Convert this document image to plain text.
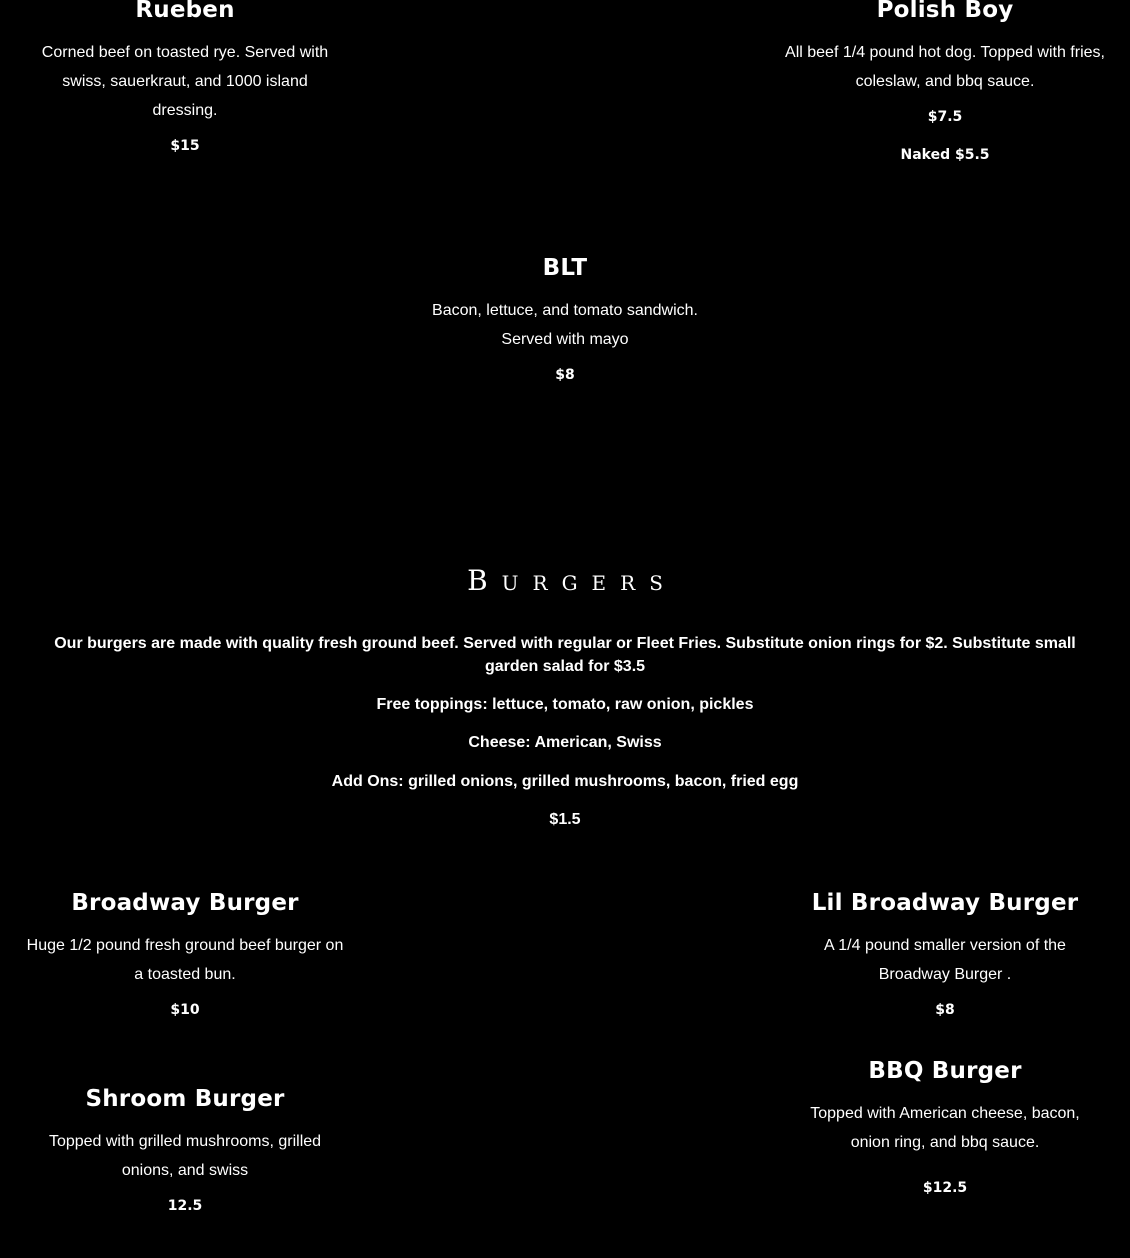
Rueben
Corned beef on toasted rye. Served with swiss, sauerkraut, and 1000 island dressing.
$15
Polish Boy
All beef 1/4 pound hot dog. Topped with fries, coleslaw, and bbq sauce.
$7.5
Naked $5.5
BLT
Bacon, lettuce, and tomato sandwich. Served with mayo
$8
Burgers
Our burgers are made with quality fresh ground beef. Served with regular or Fleet Fries. Substitute onion rings for $2. Substitute small garden salad for $3.5
Free toppings: lettuce, tomato, raw onion, pickles
Cheese: American, Swiss
Add Ons: grilled onions, grilled mushrooms, bacon, fried egg
$1.5
Broadway Burger
Huge 1/2 pound fresh ground beef burger on a toasted bun.
$10
Lil Broadway Burger
A 1/4 pound smaller version of the Broadway Burger .
$8
Shroom Burger
Topped with grilled mushrooms, grilled onions, and swiss
12.5
BBQ Burger
Topped with American cheese, bacon, onion ring, and bbq sauce.
$12.5
